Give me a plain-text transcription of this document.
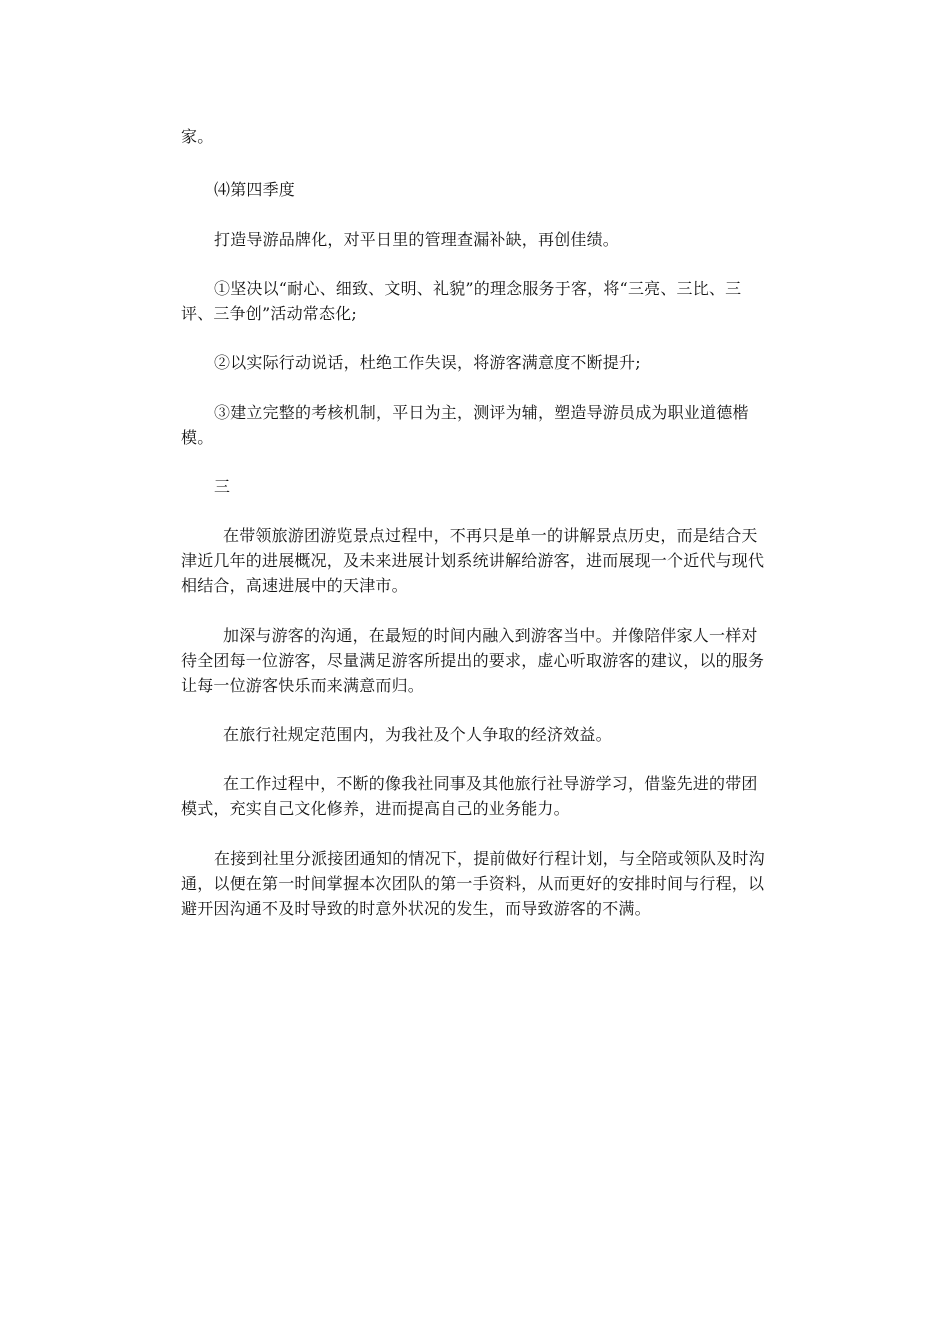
家。

⑷第四季度

打造导游品牌化，对平日里的管理查漏补缺，再创佳绩。

①坚决以“耐心、细致、文明、礼貌”的理念服务于客，将“三亮、三比、三评、三争创”活动常态化;

②以实际行动说话，杜绝工作失误，将游客满意度不断提升;

③建立完整的考核机制，平日为主，测评为辅，塑造导游员成为职业道德楷模。

三

在带领旅游团游览景点过程中，不再只是单一的讲解景点历史，而是结合天津近几年的进展概况，及未来进展计划系统讲解给游客，进而展现一个近代与现代相结合，高速进展中的天津市。

加深与游客的沟通，在最短的时间内融入到游客当中。并像陪伴家人一样对待全团每一位游客，尽量满足游客所提出的要求，虚心听取游客的建议，以的服务让每一位游客快乐而来满意而归。

在旅行社规定范围内，为我社及个人争取的经济效益。

在工作过程中，不断的像我社同事及其他旅行社导游学习，借鉴先进的带团模式，充实自己文化修养，进而提高自己的业务能力。

在接到社里分派接团通知的情况下，提前做好行程计划，与全陪或领队及时沟通，以便在第一时间掌握本次团队的第一手资料，从而更好的安排时间与行程，以避开因沟通不及时导致的时意外状况的发生，而导致游客的不满。
